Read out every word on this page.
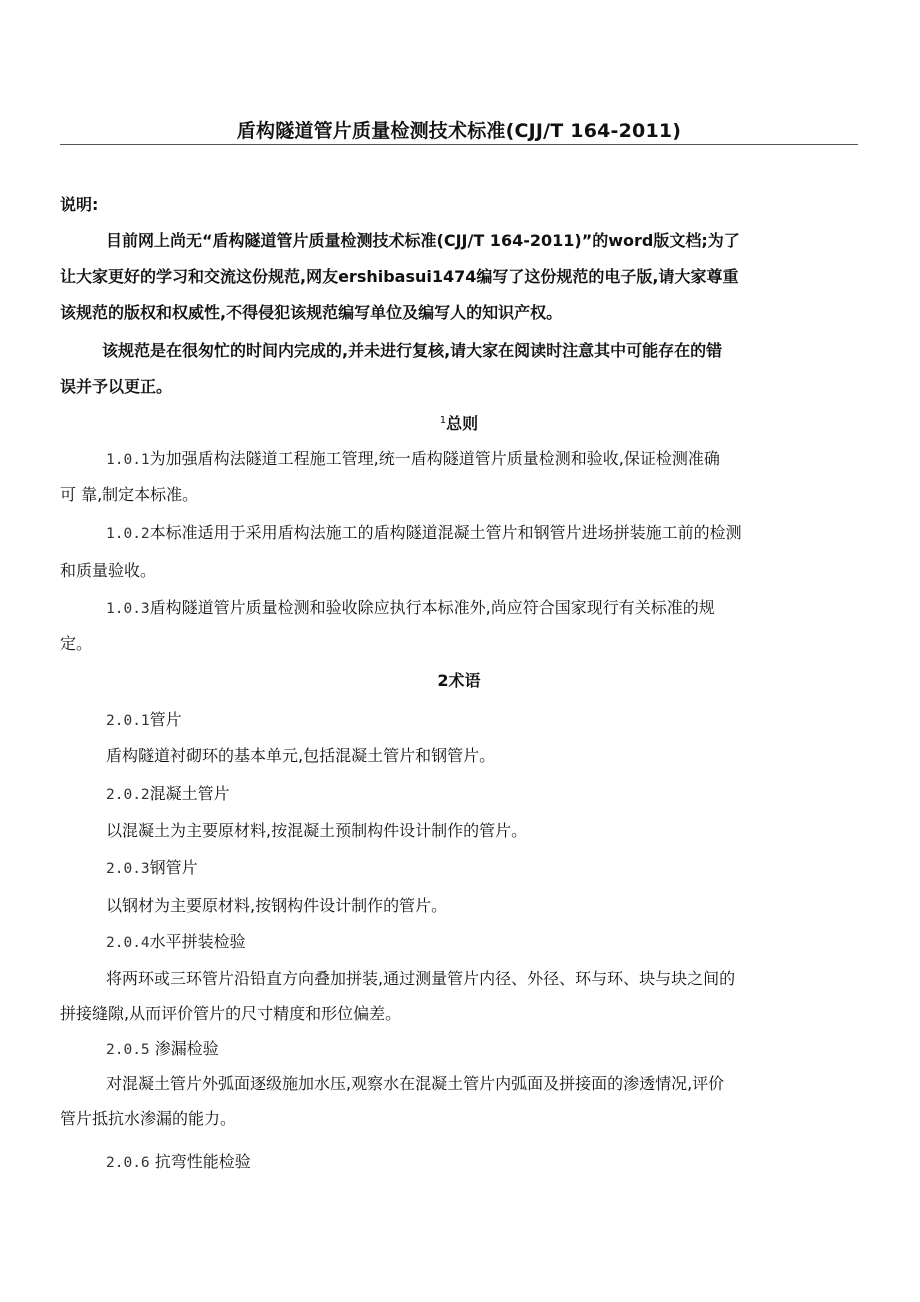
盾构隧道管片质量检测技术标准(CJJ/T 164-2011)
说明:
目前网上尚无“盾构隧道管片质量检测技术标准(CJJ/T 164-2011)”的word版文档;为了
让大家更好的学习和交流这份规范,网友ershibasui1474编写了这份规范的电子版,请大家尊重
该规范的版权和权威性,不得侵犯该规范编写单位及编写人的知识产权。
该规范是在很匆忙的时间内完成的,并未进行复核,请大家在阅读时注意其中可能存在的错
误并予以更正。
$^1$总则
1.0.1为加强盾构法隧道工程施工管理,统一盾构隧道管片质量检测和验收,保证检测准确
可 靠,制定本标准。
1.0.2本标准适用于采用盾构法施工的盾构隧道混凝土管片和钢管片进场拼装施工前的检测
和质量验收。
1.0.3盾构隧道管片质量检测和验收除应执行本标准外,尚应符合国家现行有关标准的规
定。
2术语
2.0.1管片
盾构隧道衬砌环的基本单元,包括混凝土管片和钢管片。
2.0.2混凝土管片
以混凝土为主要原材料,按混凝土预制构件设计制作的管片。
2.0.3钢管片
以钢材为主要原材料,按钢构件设计制作的管片。
2.0.4水平拼装检验
将两环或三环管片沿铅直方向叠加拼装,通过测量管片内径、外径、环与环、块与块之间的
拼接缝隙,从而评价管片的尺寸精度和形位偏差。
2.0.5 渗漏检验
对混凝土管片外弧面逐级施加水压,观察水在混凝土管片内弧面及拼接面的渗透情况,评价
管片抵抗水渗漏的能力。
2.0.6 抗弯性能检验
